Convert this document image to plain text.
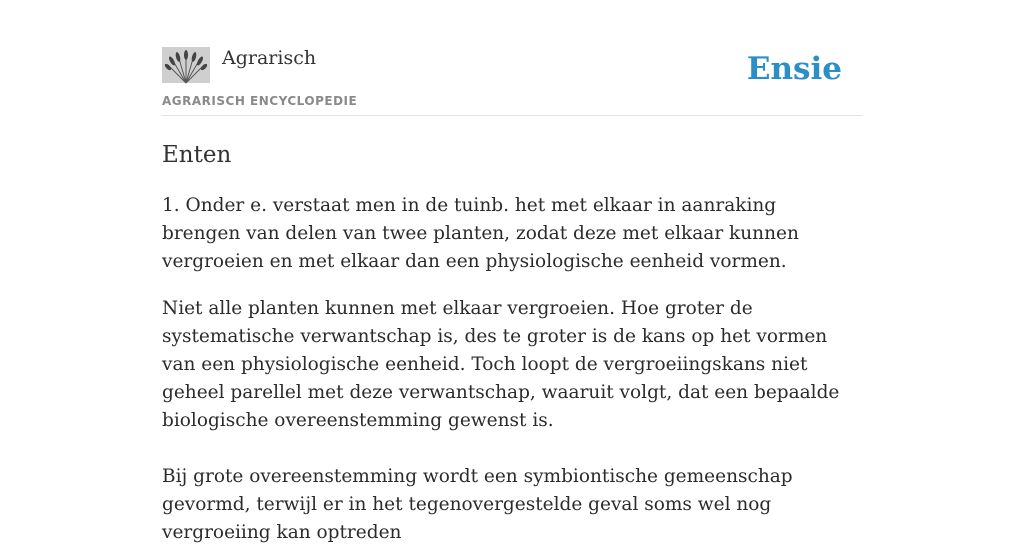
Agrarisch
AGRARISCH ENCYCLOPEDIE
Ensie
Enten

1. Onder e. verstaat men in de tuinb. het met elkaar in aanraking brengen van delen van twee planten, zodat deze met elkaar kunnen vergroeien en met elkaar dan een physiologische eenheid vormen.

Niet alle planten kunnen met elkaar vergroeien. Hoe groter de systematische verwantschap is, des te groter is de kans op het vormen van een physiologische eenheid. Toch loopt de vergroeiingskans niet geheel parellel met deze verwantschap, waaruit volgt, dat een bepaalde biologische overeenstemming gewenst is.

Bij grote overeenstemming wordt een symbiontische gemeenschap gevormd, terwijl er in het tegenovergestelde geval soms wel nog vergroeiing kan optreden
